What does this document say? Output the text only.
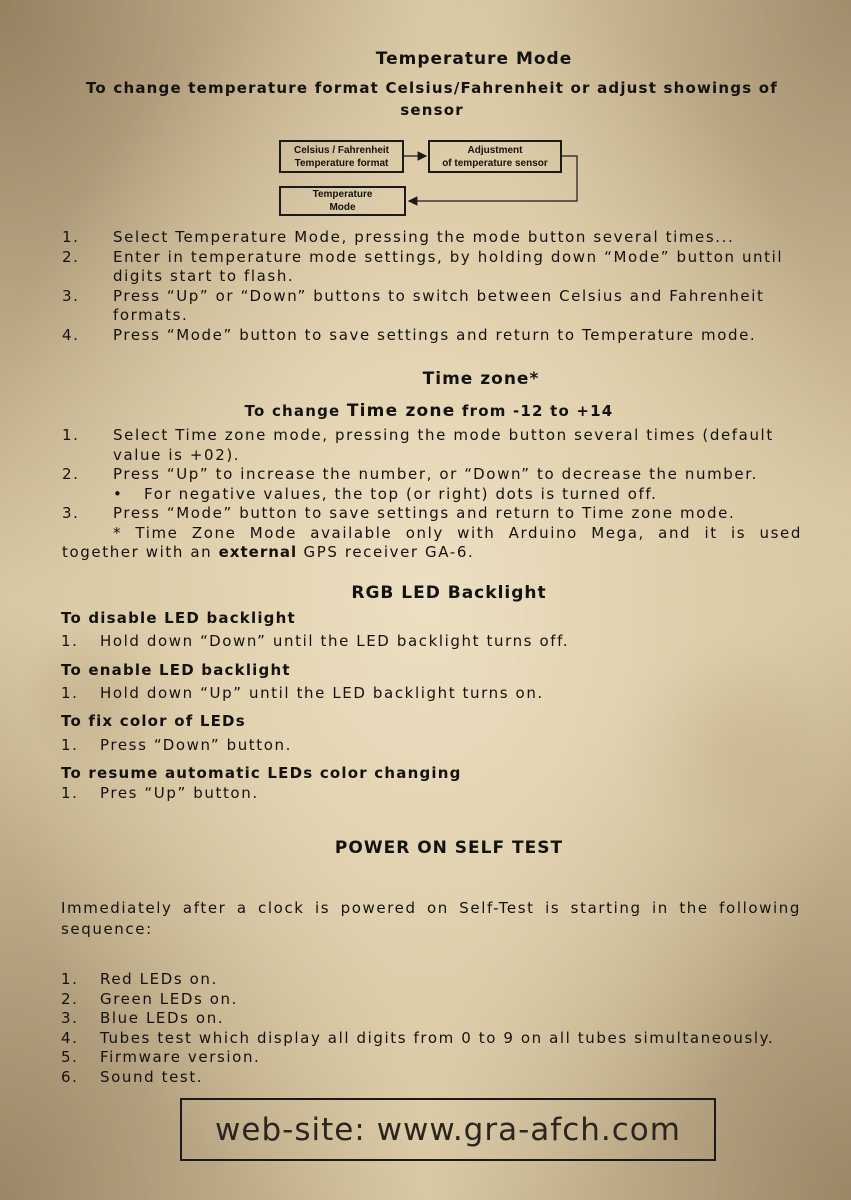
Temperature Mode
To change temperature format Celsius/Fahrenheit or adjust showings of sensor
Celsius / Fahrenheit
Temperature format
Adjustment
of temperature sensor
Temperature
Mode
1. Select Temperature Mode, pressing the mode button several times...
2. Enter in temperature mode settings, by holding down “Mode” button until digits start to flash.
3. Press “Up” or “Down” buttons to switch between Celsius and Fahrenheit formats.
4. Press “Mode” button to save settings and return to Temperature mode.
Time zone*
To change Time zone from -12 to +14
1. Select Time zone mode, pressing the mode button several times (default value is +02).
2. Press “Up” to increase the number, or “Down” to decrease the number.
• For negative values, the top (or right) dots is turned off.
3. Press “Mode” button to save settings and return to Time zone mode.
* Time Zone Mode available only with Arduino Mega, and it is used together with an external GPS receiver GA-6.
RGB LED Backlight
To disable LED backlight
1. Hold down “Down” until the LED backlight turns off.
To enable LED backlight
1. Hold down “Up” until the LED backlight turns on.
To fix color of LEDs
1. Press “Down” button.
To resume automatic LEDs color changing
1. Pres “Up” button.
POWER ON SELF TEST
Immediately after a clock is powered on Self-Test is starting in the following sequence:
1. Red LEDs on.
2. Green LEDs on.
3. Blue LEDs on.
4. Tubes test which display all digits from 0 to 9 on all tubes simultaneously.
5. Firmware version.
6. Sound test.
web-site: www.gra-afch.com
